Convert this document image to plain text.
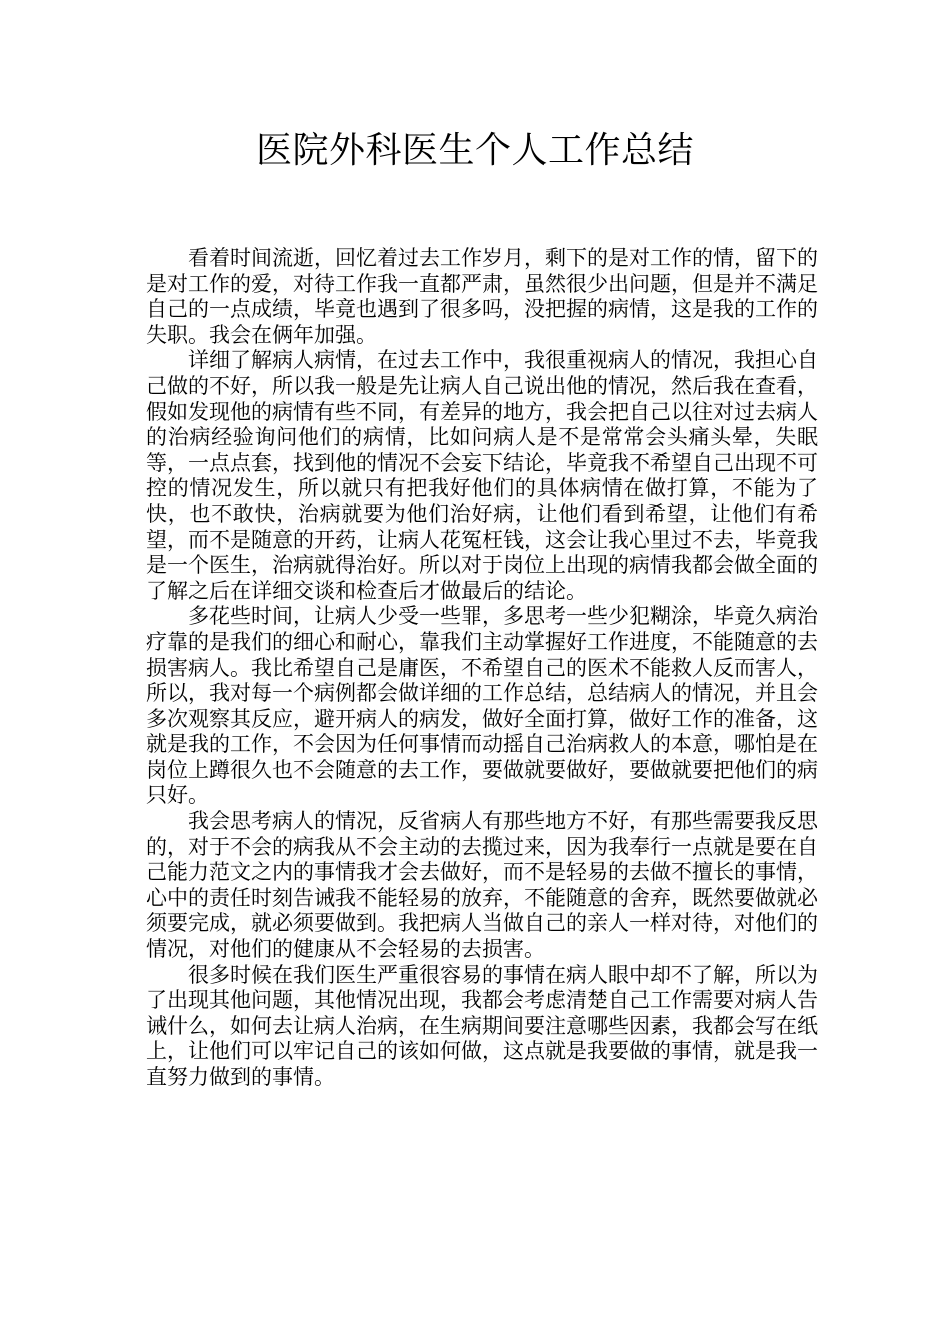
医院外科医生个人工作总结

看着时间流逝，回忆着过去工作岁月，剩下的是对工作的情，留下的是对工作的爱，对待工作我一直都严肃，虽然很少出问题，但是并不满足自己的一点成绩，毕竟也遇到了很多吗，没把握的病情，这是我的工作的失职。我会在俩年加强。

详细了解病人病情，在过去工作中，我很重视病人的情况，我担心自己做的不好，所以我一般是先让病人自己说出他的情况，然后我在查看，假如发现他的病情有些不同，有差异的地方，我会把自己以往对过去病人的治病经验询问他们的病情，比如问病人是不是常常会头痛头晕，失眠等，一点点套，找到他的情况不会妄下结论，毕竟我不希望自己出现不可控的情况发生，所以就只有把我好他们的具体病情在做打算，不能为了快，也不敢快，治病就要为他们治好病，让他们看到希望，让他们有希望，而不是随意的开药，让病人花冤枉钱，这会让我心里过不去，毕竟我是一个医生，治病就得治好。所以对于岗位上出现的病情我都会做全面的了解之后在详细交谈和检查后才做最后的结论。

多花些时间，让病人少受一些罪，多思考一些少犯糊涂，毕竟久病治疗靠的是我们的细心和耐心，靠我们主动掌握好工作进度，不能随意的去损害病人。我比希望自己是庸医，不希望自己的医术不能救人反而害人，所以，我对每一个病例都会做详细的工作总结，总结病人的情况，并且会多次观察其反应，避开病人的病发，做好全面打算，做好工作的准备，这就是我的工作，不会因为任何事情而动摇自己治病救人的本意，哪怕是在岗位上蹲很久也不会随意的去工作，要做就要做好，要做就要把他们的病只好。

我会思考病人的情况，反省病人有那些地方不好，有那些需要我反思的，对于不会的病我从不会主动的去揽过来，因为我奉行一点就是要在自己能力范文之内的事情我才会去做好，而不是轻易的去做不擅长的事情，心中的责任时刻告诫我不能轻易的放弃，不能随意的舍弃，既然要做就必须要完成，就必须要做到。我把病人当做自己的亲人一样对待，对他们的情况，对他们的健康从不会轻易的去损害。

很多时候在我们医生严重很容易的事情在病人眼中却不了解，所以为了出现其他问题，其他情况出现，我都会考虑清楚自己工作需要对病人告诫什么，如何去让病人治病，在生病期间要注意哪些因素，我都会写在纸上，让他们可以牢记自己的该如何做，这点就是我要做的事情，就是我一直努力做到的事情。
